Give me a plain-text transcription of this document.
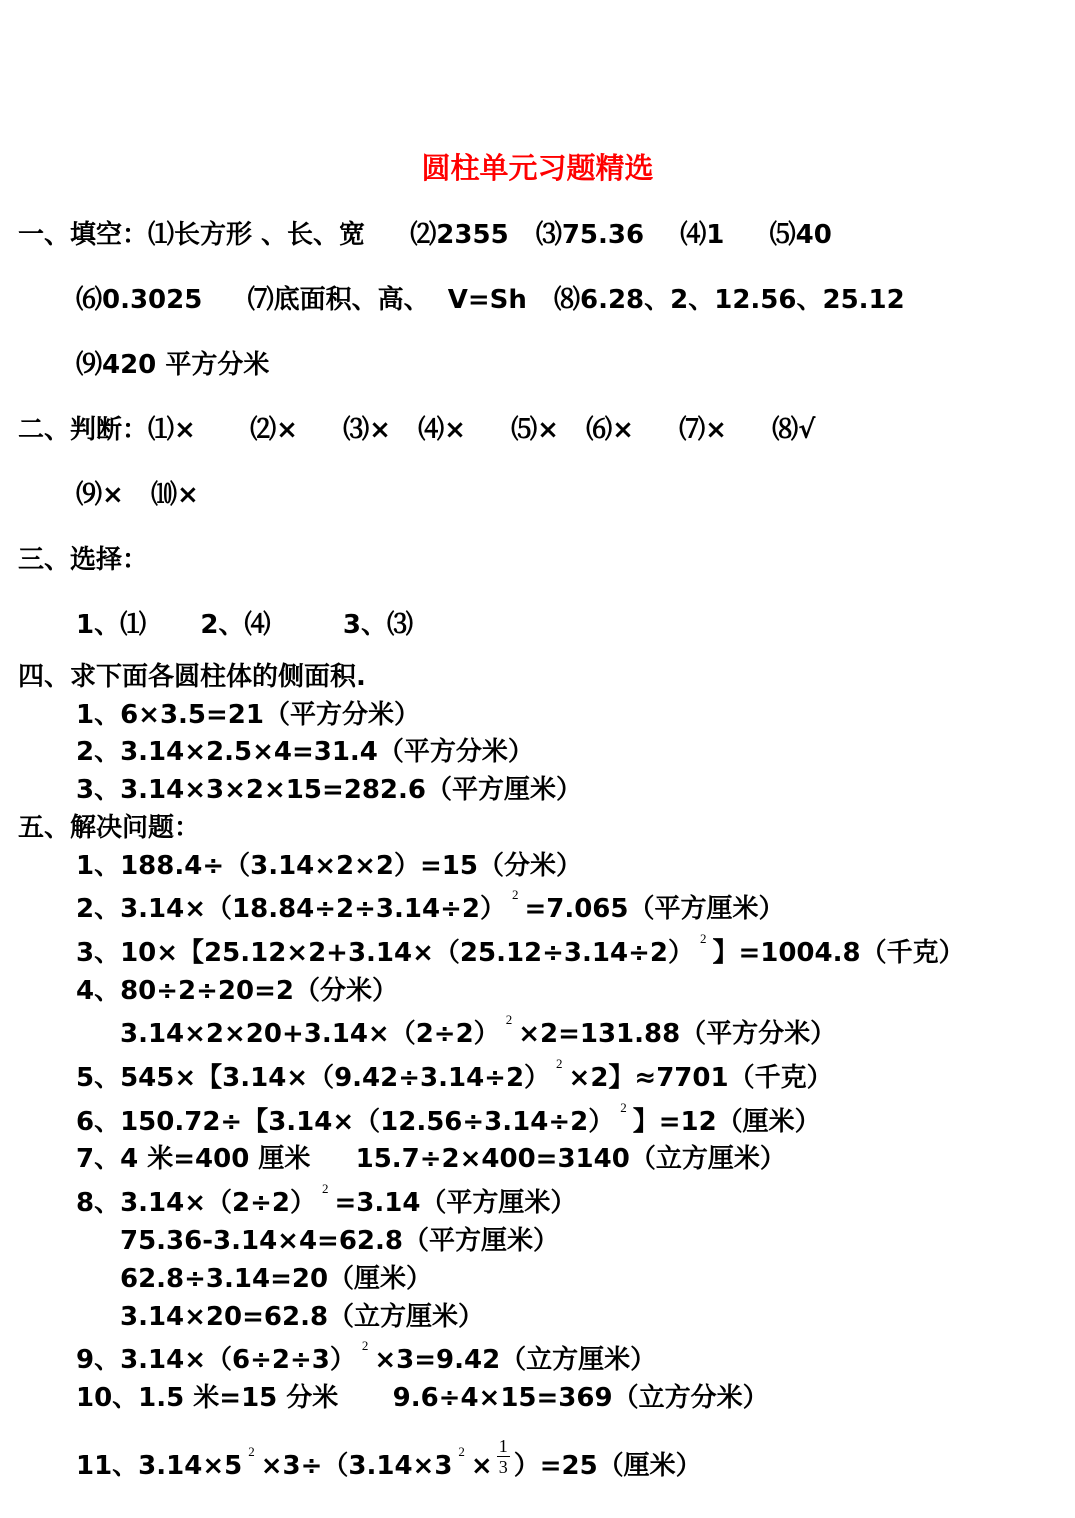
圆柱单元习题精选
一、填空：⑴长方形 、长、宽     ⑵2355   ⑶75.36    ⑷1     ⑸40
⑹0.3025     ⑺底面积、高、  V=Sh   ⑻6.28、2、12.56、25.12
⑼420 平方分米
二、判断：⑴×      ⑵×     ⑶×   ⑷×     ⑸×   ⑹×     ⑺×     ⑻√
⑼×   ⑽×
三、选择：
1、⑴      2、⑷        3、⑶
四、求下面各圆柱体的侧面积.
1、6×3.5=21（平方分米）
2、3.14×2.5×4=31.4（平方分米）
3、3.14×3×2×15=282.6（平方厘米）
五、解决问题：
1、188.4÷（3.14×2×2）=15（分米）
2、3.14×（18.84÷2÷3.14÷2） $^2$ =7.065（平方厘米）
3、10×【25.12×2+3.14×（25.12÷3.14÷2） $^2$ 】=1004.8（千克）
4、80÷2÷20=2（分米）
3.14×2×20+3.14×（2÷2） $^2$ ×2=131.88（平方分米）
5、545×【3.14×（9.42÷3.14÷2） $^2$ ×2】≈7701（千克）
6、150.72÷【3.14×（12.56÷3.14÷2） $^2$ 】=12（厘米）
7、4 米=400 厘米     15.7÷2×400=3140（立方厘米）
8、3.14×（2÷2） $^2$ =3.14（平方厘米）
75.36-3.14×4=62.8（平方厘米）
62.8÷3.14=20（厘米）
3.14×20=62.8（立方厘米）
9、3.14×（6÷2÷3） $^2$ ×3=9.42（立方厘米）
10、1.5 米=15 分米      9.6÷4×15=369（立方分米）
11、3.14×5 $^2$ ×3÷（3.14×3 $^2 \times \frac{1}{3} )=25$（厘米）
